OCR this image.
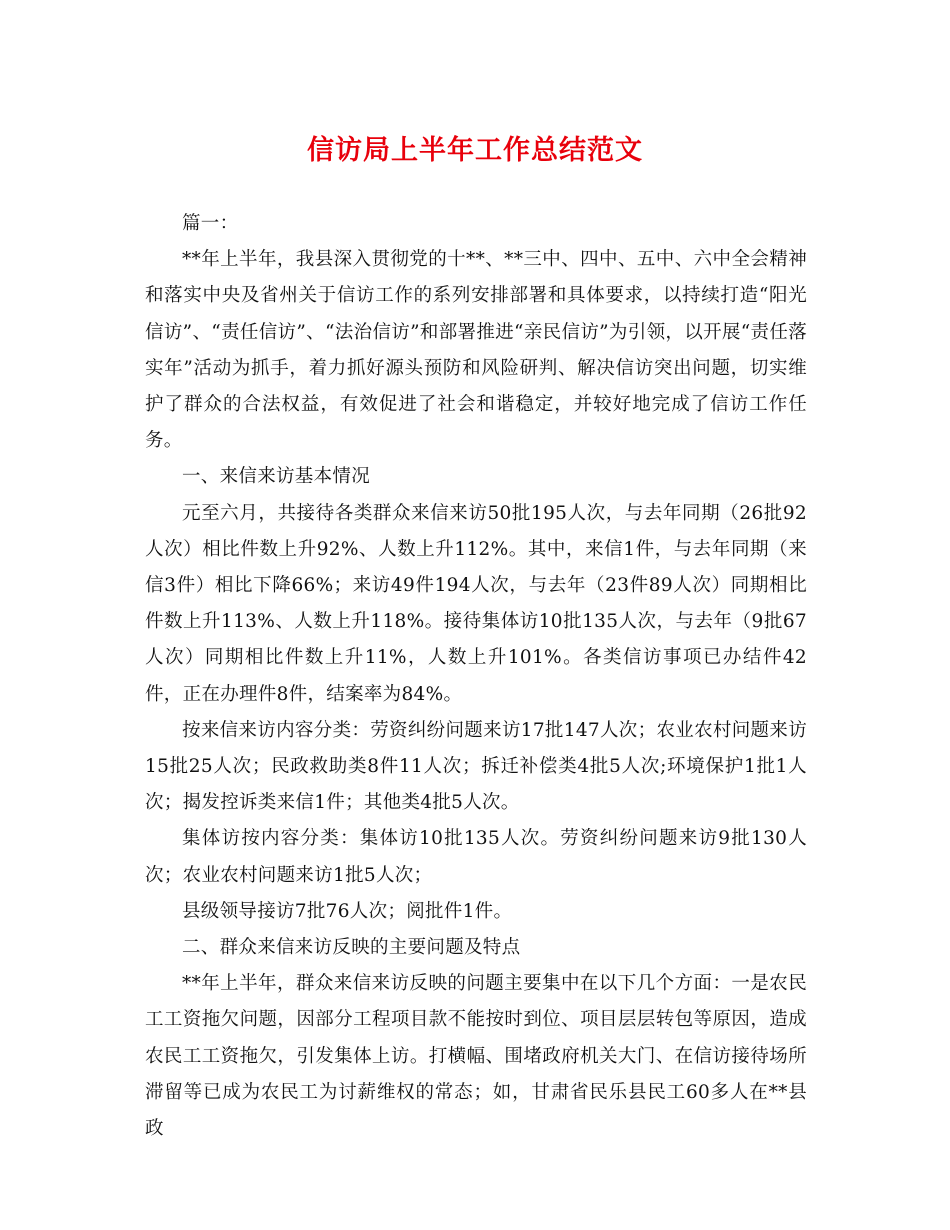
信访局上半年工作总结范文

篇一：

**年上半年，我县深入贯彻党的十**、**三中、四中、五中、六中全会精神和落实中央及省州关于信访工作的系列安排部署和具体要求，以持续打造“阳光信访”、“责任信访”、“法治信访”和部署推进“亲民信访”为引领，以开展“责任落实年”活动为抓手，着力抓好源头预防和风险研判、解决信访突出问题，切实维护了群众的合法权益，有效促进了社会和谐稳定，并较好地完成了信访工作任务。

一、来信来访基本情况

元至六月，共接待各类群众来信来访50批195人次，与去年同期（26批92人次）相比件数上升92%、人数上升112%。其中，来信1件，与去年同期（来信3件）相比下降66%；来访49件194人次，与去年（23件89人次）同期相比件数上升113%、人数上升118%。接待集体访10批135人次，与去年（9批67人次）同期相比件数上升11%，人数上升101%。各类信访事项已办结件42件，正在办理件8件，结案率为84%。

按来信来访内容分类：劳资纠纷问题来访17批147人次；农业农村问题来访15批25人次；民政救助类8件11人次；拆迁补偿类4批5人次;环境保护1批1人次；揭发控诉类来信1件；其他类4批5人次。

集体访按内容分类：集体访10批135人次。劳资纠纷问题来访9批130人次；农业农村问题来访1批5人次；

县级领导接访7批76人次；阅批件1件。

二、群众来信来访反映的主要问题及特点

**年上半年，群众来信来访反映的问题主要集中在以下几个方面：一是农民工工资拖欠问题，因部分工程项目款不能按时到位、项目层层转包等原因，造成农民工工资拖欠，引发集体上访。打横幅、围堵政府机关大门、在信访接待场所滞留等已成为农民工为讨薪维权的常态；如，甘肃省民乐县民工60多人在**县政
